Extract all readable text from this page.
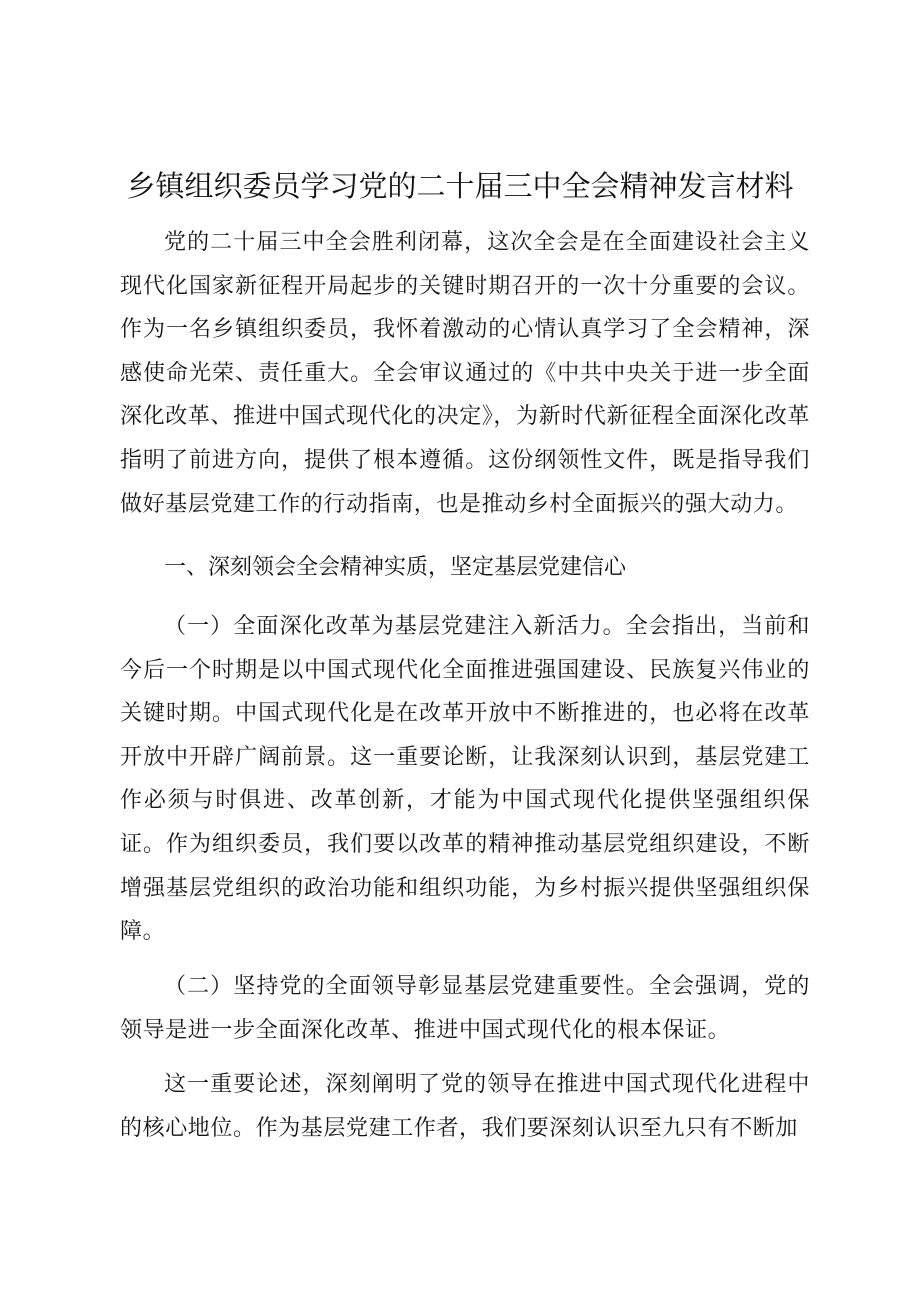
乡镇组织委员学习党的二十届三中全会精神发言材料

党的二十届三中全会胜利闭幕，这次全会是在全面建设社会主义现代化国家新征程开局起步的关键时期召开的一次十分重要的会议。作为一名乡镇组织委员，我怀着激动的心情认真学习了全会精神，深感使命光荣、责任重大。全会审议通过的《中共中央关于进一步全面深化改革、推进中国式现代化的决定》，为新时代新征程全面深化改革指明了前进方向，提供了根本遵循。这份纲领性文件，既是指导我们做好基层党建工作的行动指南，也是推动乡村全面振兴的强大动力。

一、深刻领会全会精神实质，坚定基层党建信心

（一）全面深化改革为基层党建注入新活力。全会指出，当前和今后一个时期是以中国式现代化全面推进强国建设、民族复兴伟业的关键时期。中国式现代化是在改革开放中不断推进的，也必将在改革开放中开辟广阔前景。这一重要论断，让我深刻认识到，基层党建工作必须与时俱进、改革创新，才能为中国式现代化提供坚强组织保证。作为组织委员，我们要以改革的精神推动基层党组织建设，不断增强基层党组织的政治功能和组织功能，为乡村振兴提供坚强组织保障。

（二）坚持党的全面领导彰显基层党建重要性。全会强调，党的领导是进一步全面深化改革、推进中国式现代化的根本保证。

这一重要论述，深刻阐明了党的领导在推进中国式现代化进程中的核心地位。作为基层党建工作者，我们要深刻认识至九只有不断加
